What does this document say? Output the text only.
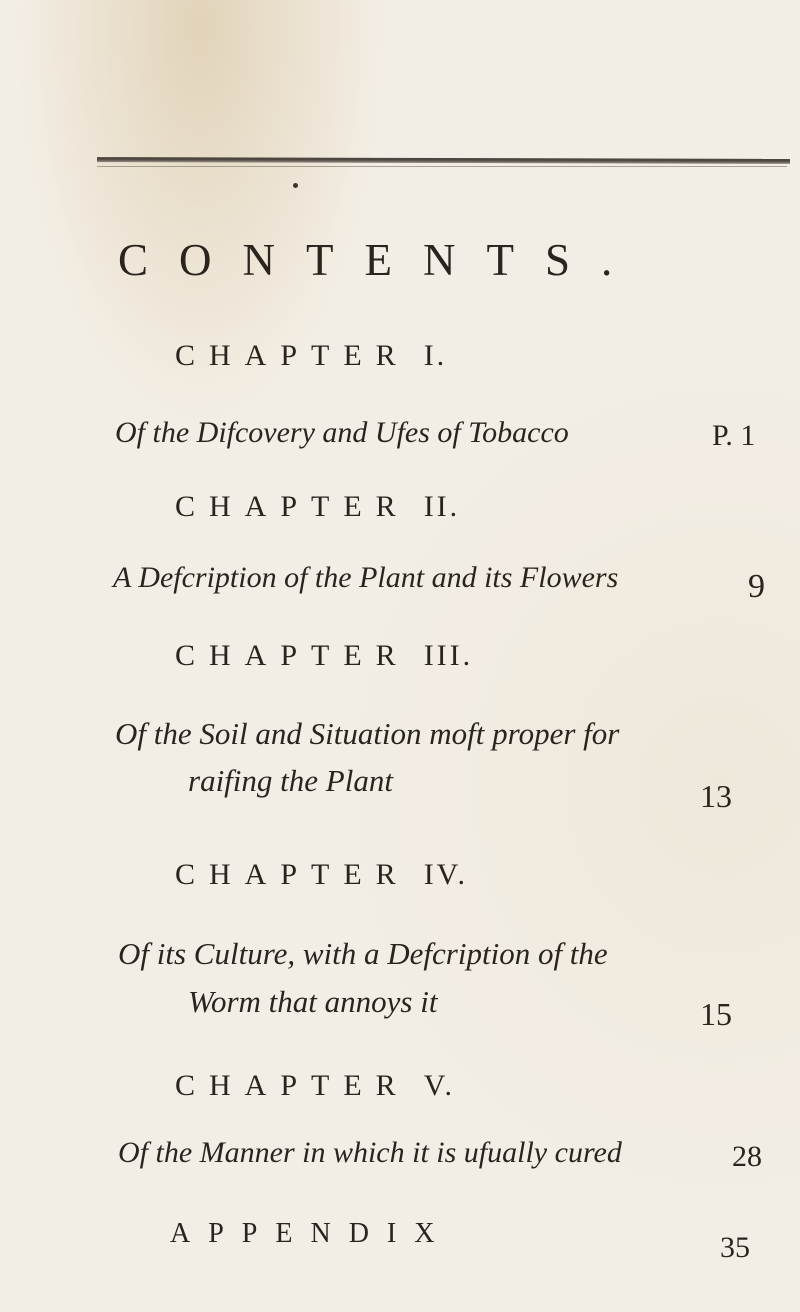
CONTENTS.
CHAPTER I.
Of the Difcovery and Ufes of Tobacco	P. 1
CHAPTER II.
A Defcription of the Plant and its Flowers	9
CHAPTER III.
Of the Soil and Situation moft proper for
raifing the Plant	13
CHAPTER IV.
Of its Culture, with a Defcription of the
Worm that annoys it	15
CHAPTER V.
Of the Manner in which it is ufually cured	28
APPENDIX	35
